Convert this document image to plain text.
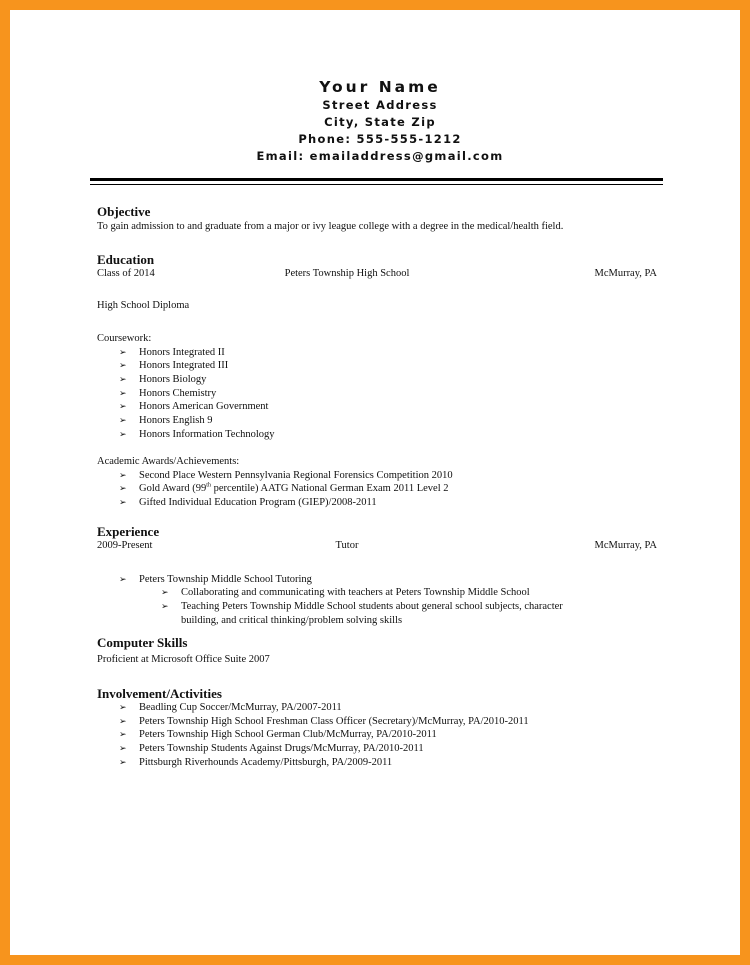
Your Name
Street Address
City, State Zip
Phone: 555-555-1212
Email: emailaddress@gmail.com
Objective
To gain admission to and graduate from a major or ivy league college with a degree in the medical/health field.
Education
Class of 2014	Peters Township High School	McMurray, PA
High School Diploma
Coursework:
➢ Honors Integrated II
➢ Honors Integrated III
➢ Honors Biology
➢ Honors Chemistry
➢ Honors American Government
➢ Honors English 9
➢ Honors Information Technology
Academic Awards/Achievements:
➢ Second Place Western Pennsylvania Regional Forensics Competition 2010
➢ Gold Award (99th percentile) AATG National German Exam 2011 Level 2
➢ Gifted Individual Education Program (GIEP)/2008-2011
Experience
2009-Present	Tutor	McMurray, PA
➢ Peters Township Middle School Tutoring
➢ Collaborating and communicating with teachers at Peters Township Middle School
➢ Teaching Peters Township Middle School students about general school subjects, character
building, and critical thinking/problem solving skills
Computer Skills
Proficient at Microsoft Office Suite 2007
Involvement/Activities
➢ Beadling Cup Soccer/McMurray, PA/2007-2011
➢ Peters Township High School Freshman Class Officer (Secretary)/McMurray, PA/2010-2011
➢ Peters Township High School German Club/McMurray, PA/2010-2011
➢ Peters Township Students Against Drugs/McMurray, PA/2010-2011
➢ Pittsburgh Riverhounds Academy/Pittsburgh, PA/2009-2011
